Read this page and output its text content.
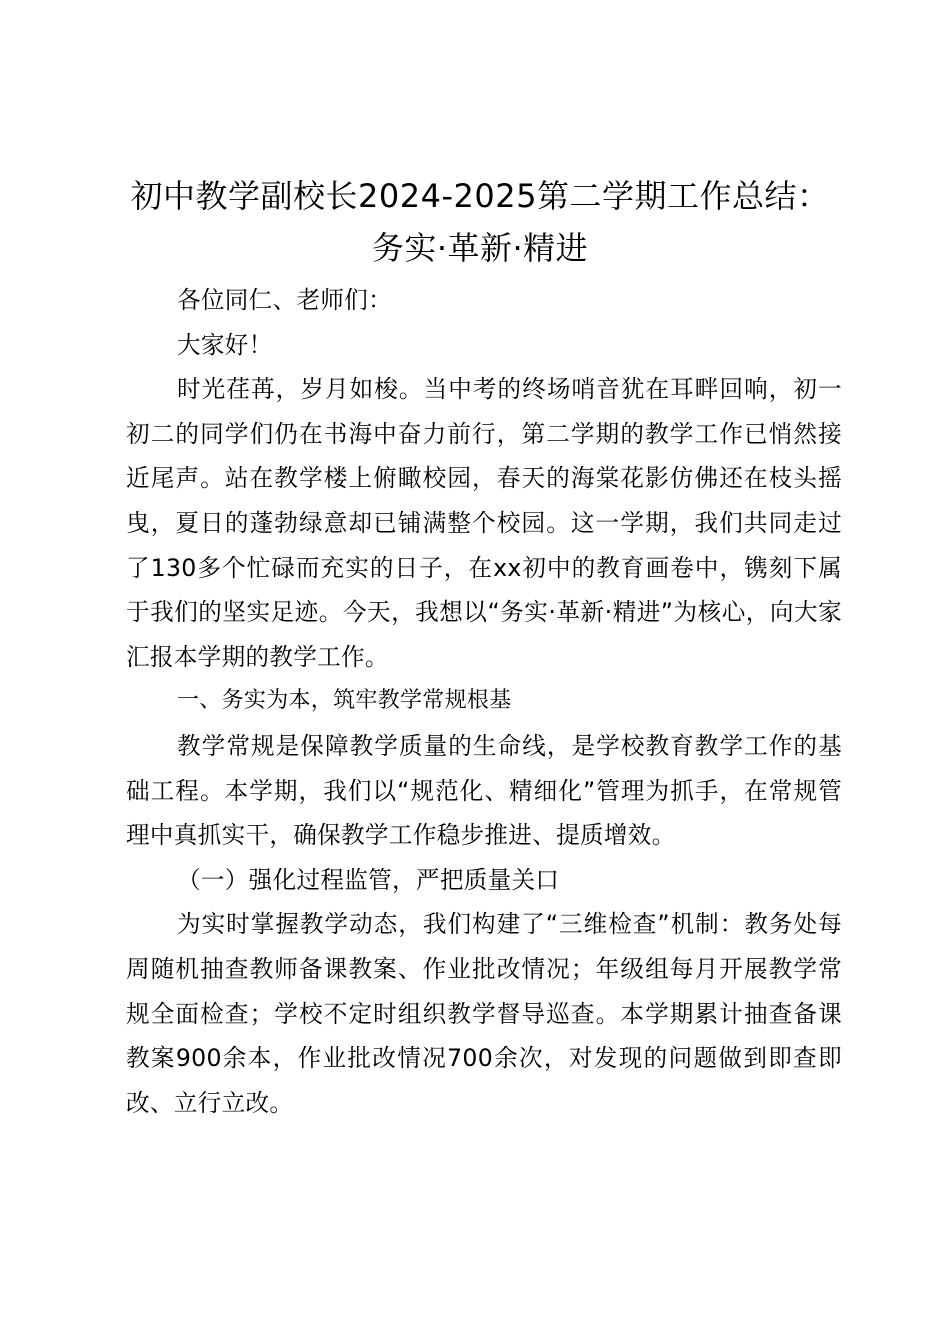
初中教学副校长2024-2025第二学期工作总结：务实·革新·精进

各位同仁、老师们：

大家好！

时光荏苒，岁月如梭。当中考的终场哨音犹在耳畔回响，初一初二的同学们仍在书海中奋力前行，第二学期的教学工作已悄然接近尾声。站在教学楼上俯瞰校园，春天的海棠花影仿佛还在枝头摇曳，夏日的蓬勃绿意却已铺满整个校园。这一学期，我们共同走过了130多个忙碌而充实的日子，在xx初中的教育画卷中，镌刻下属于我们的坚实足迹。今天，我想以“务实·革新·精进”为核心，向大家汇报本学期的教学工作。

一、务实为本，筑牢教学常规根基

教学常规是保障教学质量的生命线，是学校教育教学工作的基础工程。本学期，我们以“规范化、精细化”管理为抓手，在常规管理中真抓实干，确保教学工作稳步推进、提质增效。

（一）强化过程监管，严把质量关口

为实时掌握教学动态，我们构建了“三维检查”机制：教务处每周随机抽查教师备课教案、作业批改情况；年级组每月开展教学常规全面检查；学校不定时组织教学督导巡查。本学期累计抽查备课教案900余本，作业批改情况700余次，对发现的问题做到即查即改、立行立改。
